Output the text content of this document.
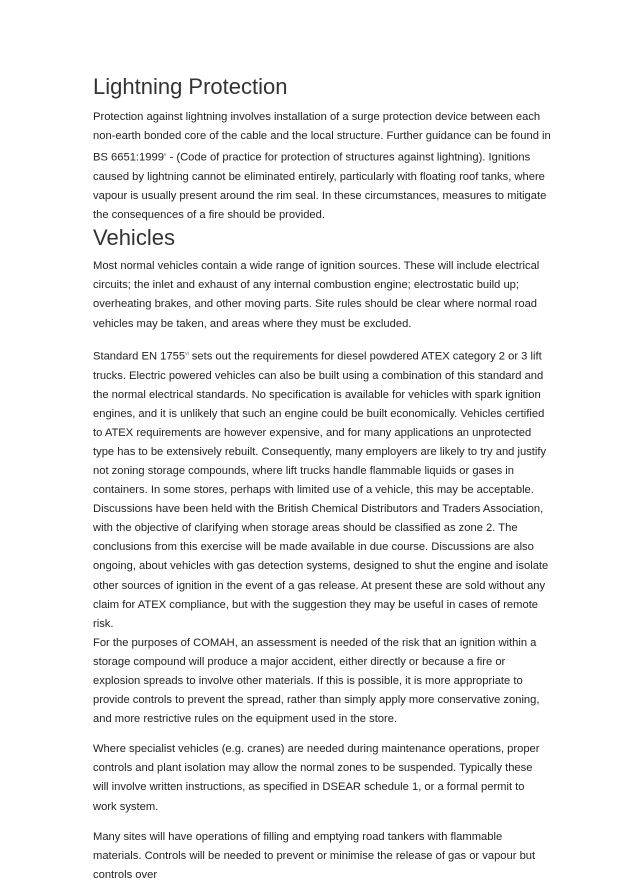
Lightning Protection

Protection against lightning involves installation of a surge protection device between each non-earth bonded core of the cable and the local structure. Further guidance can be found in BS 6651:1999$^v$ - (Code of practice for protection of structures against lightning). Ignitions caused by lightning cannot be eliminated entirely, particularly with floating roof tanks, where vapour is usually present around the rim seal. In these circumstances, measures to mitigate the consequences of a fire should be provided.

Vehicles

Most normal vehicles contain a wide range of ignition sources. These will include electrical circuits; the inlet and exhaust of any internal combustion engine; electrostatic build up; overheating brakes, and other moving parts. Site rules should be clear where normal road vehicles may be taken, and areas where they must be excluded.

Standard EN 1755$^{vi}$ sets out the requirements for diesel powdered ATEX category 2 or 3 lift trucks. Electric powered vehicles can also be built using a combination of this standard and the normal electrical standards. No specification is available for vehicles with spark ignition engines, and it is unlikely that such an engine could be built economically. Vehicles certified to ATEX requirements are however expensive, and for many applications an unprotected type has to be extensively rebuilt. Consequently, many employers are likely to try and justify not zoning storage compounds, where lift trucks handle flammable liquids or gases in containers. In some stores, perhaps with limited use of a vehicle, this may be acceptable. Discussions have been held with the British Chemical Distributors and Traders Association, with the objective of clarifying when storage areas should be classified as zone 2. The conclusions from this exercise will be made available in due course. Discussions are also ongoing, about vehicles with gas detection systems, designed to shut the engine and isolate other sources of ignition in the event of a gas release. At present these are sold without any claim for ATEX compliance, but with the suggestion they may be useful in cases of remote risk.

For the purposes of COMAH, an assessment is needed of the risk that an ignition within a storage compound will produce a major accident, either directly or because a fire or explosion spreads to involve other materials. If this is possible, it is more appropriate to provide controls to prevent the spread, rather than simply apply more conservative zoning, and more restrictive rules on the equipment used in the store.

Where specialist vehicles (e.g. cranes) are needed during maintenance operations, proper controls and plant isolation may allow the normal zones to be suspended. Typically these will involve written instructions, as specified in DSEAR schedule 1, or a formal permit to work system.

Many sites will have operations of filling and emptying road tankers with flammable materials. Controls will be needed to prevent or minimise the release of gas or vapour but controls over
